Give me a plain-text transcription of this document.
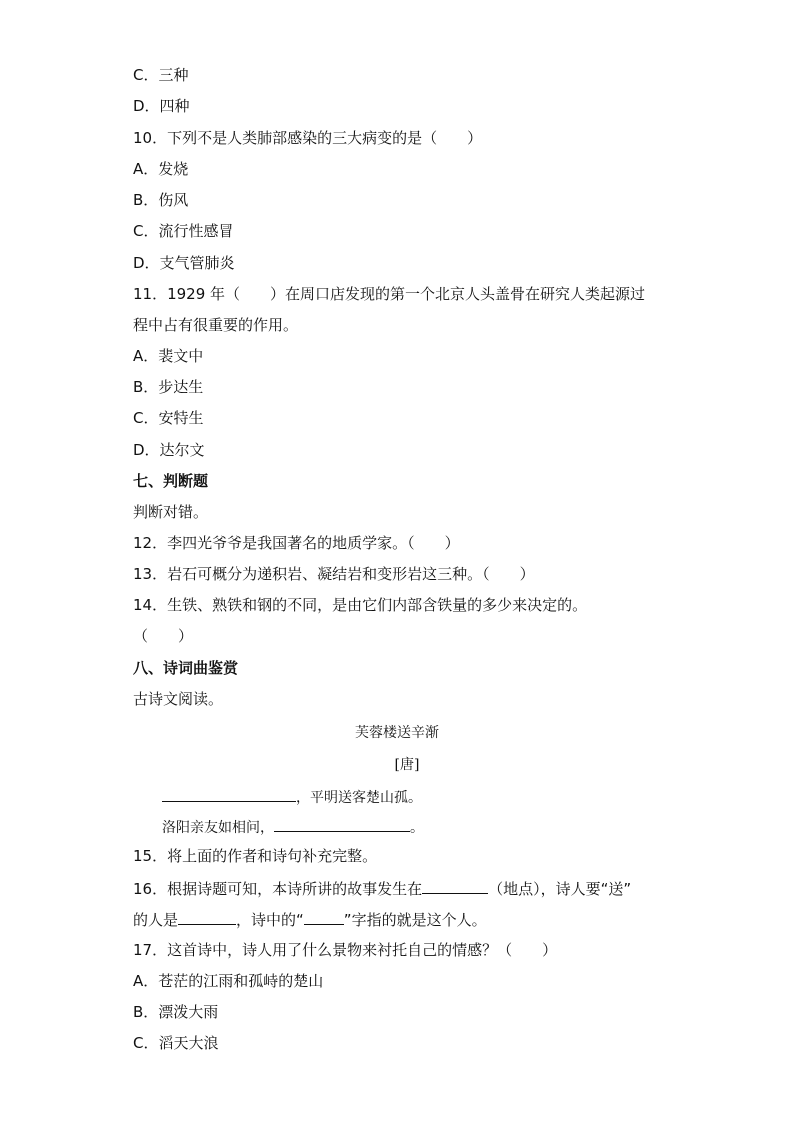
C．三种
D．四种
10．下列不是人类肺部感染的三大病变的是（　　）
A．发烧
B．伤风
C．流行性感冒
D．支气管肺炎
11．1929 年（　　）在周口店发现的第一个北京人头盖骨在研究人类起源过
程中占有很重要的作用。
A．裴文中
B．步达生
C．安特生
D．达尔文
七、判断题
判断对错。
12．李四光爷爷是我国著名的地质学家。（　　）
13．岩石可概分为递积岩、凝结岩和变形岩这三种。（　　）
14．生铁、熟铁和钢的不同，是由它们内部含铁量的多少来决定的。
（　　）
八、诗词曲鉴赏
古诗文阅读。
芙蓉楼送辛渐
[唐]
，平明送客楚山孤。
洛阳亲友如相问，	。
15．将上面的作者和诗句补充完整。
16．根据诗题可知，本诗所讲的故事发生在	（地点），诗人要“送”
的人是	，诗中的“	”字指的就是这个人。
17．这首诗中，诗人用了什么景物来衬托自己的情感？（　　）
A．苍茫的江雨和孤峙的楚山
B．漂泼大雨
C．滔天大浪
